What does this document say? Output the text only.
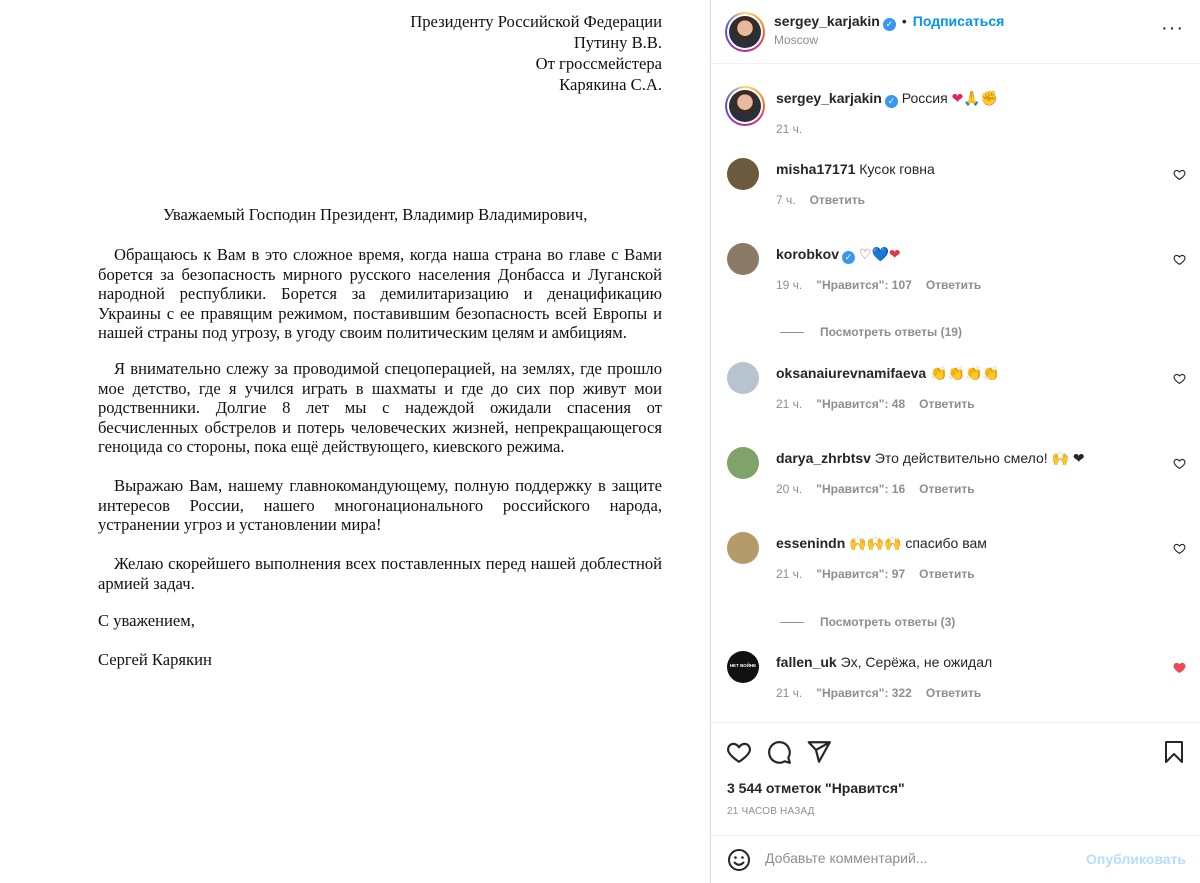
Президенту Российской Федерации
Путину В.В.
От гроссмейстера
Карякина С.А.
Уважаемый Господин Президент, Владимир Владимирович,
Обращаюсь к Вам в это сложное время, когда наша страна во главе с Вами борется за безопасность мирного русского населения Донбасса и Луганской народной республики. Борется за демилитаризацию и денацификацию Украины с ее правящим режимом, поставившим безопасность всей Европы и нашей страны под угрозу, в угоду своим политическим целям и амбициям.
Я внимательно слежу за проводимой спецоперацией, на землях, где прошло мое детство, где я учился играть в шахматы и где до сих пор живут мои родственники. Долгие 8 лет мы с надеждой ожидали спасения от бесчисленных обстрелов и потерь человеческих жизней, непрекращающегося геноцида со стороны, пока ещё действующего, киевского режима.
Выражаю Вам, нашему главнокомандующему, полную поддержку в защите интересов России, нашего многонационального российского народа, устранении угроз и установлении мира!
Желаю скорейшего выполнения всех поставленных перед нашей доблестной армией задач.
С уважением,
Сергей Карякин
sergey_karjakin ✓ • Подписаться
Moscow
···
sergey_karjakin ✓ Россия ❤🙏✊
21 ч.
misha17171 Кусок говна
7 ч. Ответить
korobkov ✓ ♡💙❤
19 ч. "Нравится": 107 Ответить
Посмотреть ответы (19)
oksanaiurevnamifaeva 👏👏👏👏
21 ч. "Нравится": 48 Ответить
darya_zhrbtsv Это действительно смело! 🙌 ❤
20 ч. "Нравится": 16 Ответить
essenindn 🙌🙌🙌 спасибо вам
21 ч. "Нравится": 97 Ответить
Посмотреть ответы (3)
НЕТ ВОЙНЕ fallen_uk Эх, Серёжа, не ожидал
21 ч. "Нравится": 322 Ответить
3 544 отметок "Нравится"
21 ЧАСОВ НАЗАД
Добавьте комментарий...
Опубликовать
